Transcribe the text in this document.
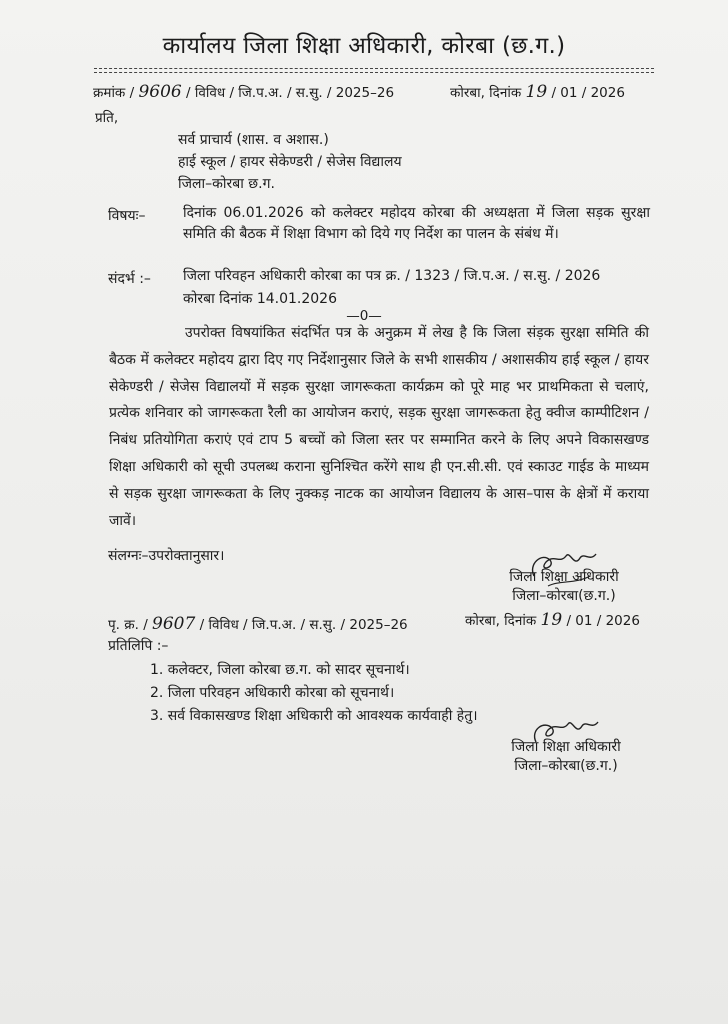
कार्यालय जिला शिक्षा अधिकारी, कोरबा (छ.ग.)
क्रमांक / 9606 / विविध / जि.प.अ. / स.सु. / 2025–26	कोरबा, दिनांक 19 / 01 / 2026
प्रति,
सर्व प्राचार्य (शास. व अशास.)
हाई स्कूल / हायर सेकेण्डरी / सेजेस विद्यालय
जिला–कोरबा छ.ग.
विषयः–	दिनांक 06.01.2026 को कलेक्टर महोदय कोरबा की अध्यक्षता में जिला सड़क सुरक्षा समिति की बैठक में शिक्षा विभाग को दिये गए निर्देश का पालन के संबंध में।
संदर्भ :– जिला परिवहन अधिकारी कोरबा का पत्र क्र. / 1323 / जि.प.अ. / स.सु. / 2026
कोरबा दिनांक 14.01.2026
—0—
उपरोक्त विषयांकित संदर्भित पत्र के अनुक्रम में लेख है कि जिला संड़क सुरक्षा समिति की बैठक में कलेक्टर महोदय द्वारा दिए गए निर्देशानुसार जिले के सभी शासकीय / अशासकीय हाई स्कूल / हायर सेकेण्डरी / सेजेस विद्यालयों में सड़क सुरक्षा जागरूकता कार्यक्रम को पूरे माह भर प्राथमिकता से चलाएं, प्रत्येक शनिवार को जागरूकता रैली का आयोजन कराएं, सड़क सुरक्षा जागरूकता हेतु क्वीज काम्पीटिशन / निबंध प्रतियोगिता कराएं एवं टाप 5 बच्चों को जिला स्तर पर सम्मानित करने के लिए अपने विकासखण्ड शिक्षा अधिकारी को सूची उपलब्ध कराना सुनिश्चित करेंगे साथ ही एन.सी.सी. एवं स्काउट गाईड के माध्यम से सड़क सुरक्षा जागरूकता के लिए नुक्कड़ नाटक का आयोजन विद्यालय के आस–पास के क्षेत्रों में कराया जावें।
संलग्नः–उपरोक्तानुसार।
जिला शिक्षा अधिकारी
जिला–कोरबा(छ.ग.)
पृ. क्र. / 9607 / विविध / जि.प.अ. / स.सु. / 2025–26	कोरबा, दिनांक 19 / 01 / 2026
प्रतिलिपि :–
1. कलेक्टर, जिला कोरबा छ.ग. को सादर सूचनार्थ।
2. जिला परिवहन अधिकारी कोरबा को सूचनार्थ।
3. सर्व विकासखण्ड शिक्षा अधिकारी को आवश्यक कार्यवाही हेतु।
जिला शिक्षा अधिकारी
जिला–कोरबा(छ.ग.)
